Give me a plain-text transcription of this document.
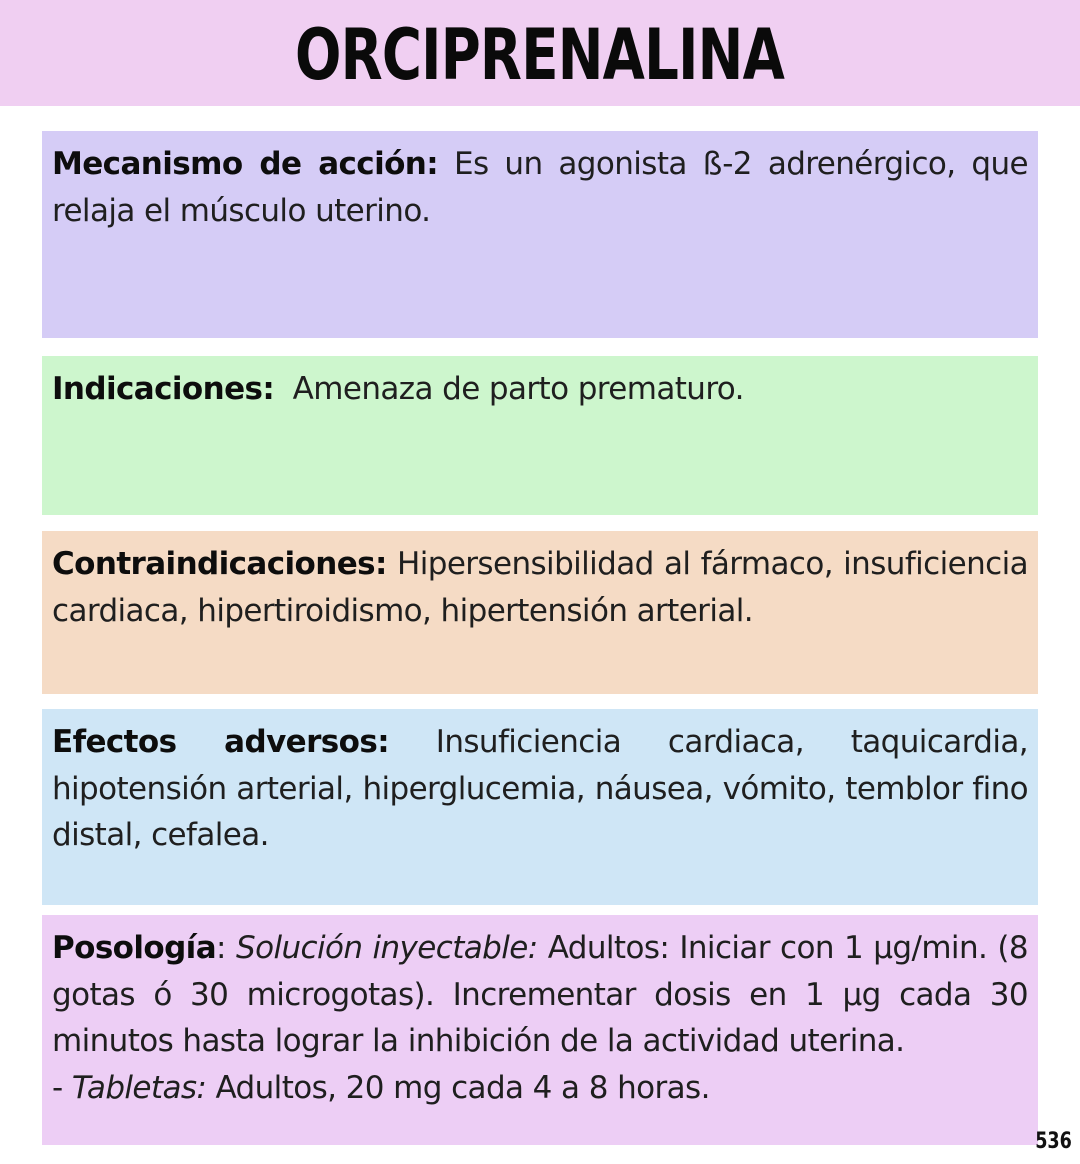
ORCIPRENALINA
Mecanismo de acción: Es un agonista ß-2 adrenérgico, que relaja el músculo uterino.
Indicaciones:  Amenaza de parto prematuro.
Contraindicaciones: Hipersensibilidad al fármaco, insuficiencia cardiaca, hipertiroidismo, hipertensión arterial.
Efectos adversos: Insuficiencia cardiaca, taquicardia, hipotensión arterial, hiperglucemia, náusea, vómito, temblor fino distal, cefalea.
Posología: Solución inyectable: Adultos: Iniciar con 1 µg/min. (8 gotas ó 30 microgotas). Incrementar dosis en 1 µg cada 30 minutos hasta lograr la inhibición de la actividad uterina.
- Tabletas: Adultos, 20 mg cada 4 a 8 horas.
536
